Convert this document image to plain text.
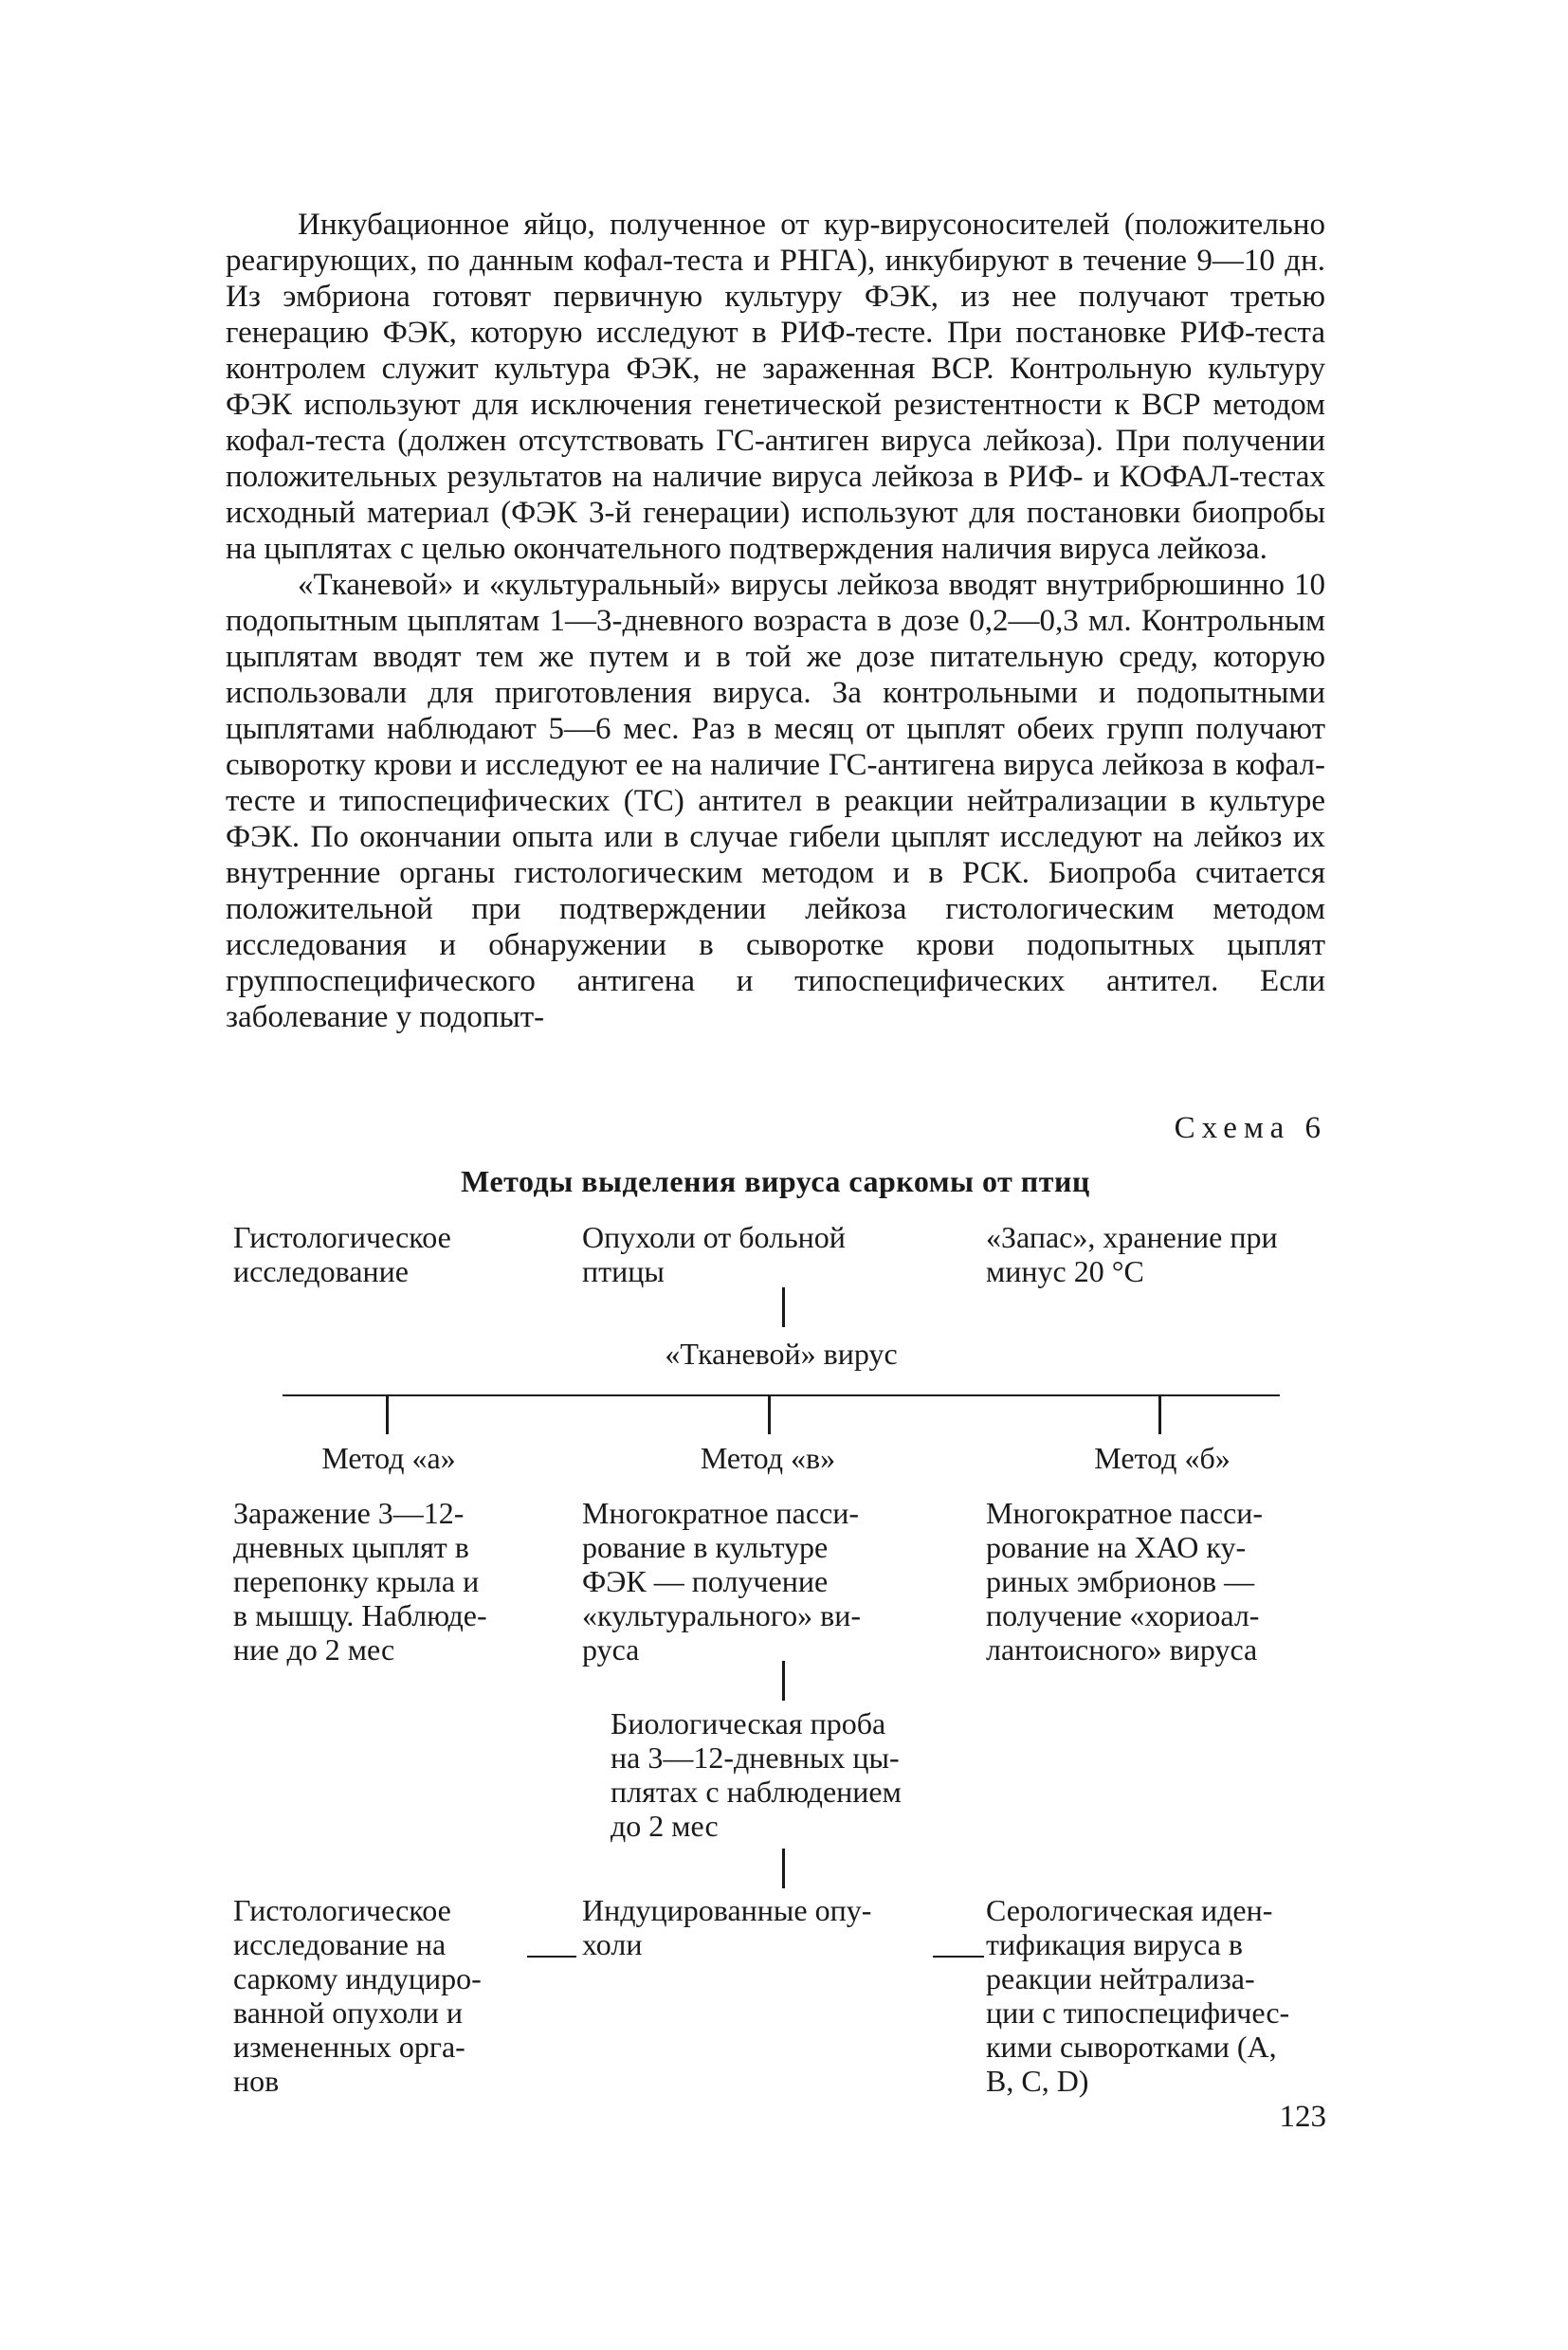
Инкубационное яйцо, полученное от кур-вирусоносителей (положительно реагирующих, по данным кофал-теста и РНГА), инкубируют в течение 9—10 дн. Из эмбриона готовят первичную культуру ФЭК, из нее получают третью генерацию ФЭК, которую исследуют в РИФ-тесте. При постановке РИФ-теста контролем служит культура ФЭК, не зараженная ВСР. Контрольную культуру ФЭК используют для исключения генетической резистентности к ВСР методом кофал-теста (должен отсутствовать ГС-антиген вируса лейкоза). При получении положительных результатов на наличие вируса лейкоза в РИФ- и КОФАЛ-тестах исходный материал (ФЭК 3-й генерации) используют для постановки биопробы на цыплятах с целью окончательного подтверждения наличия вируса лейкоза.

«Тканевой» и «культуральный» вирусы лейкоза вводят внутрибрюшинно 10 подопытным цыплятам 1—3-дневного возраста в дозе 0,2—0,3 мл. Контрольным цыплятам вводят тем же путем и в той же дозе питательную среду, которую использовали для приготовления вируса. За контрольными и подопытными цыплятами наблюдают 5—6 мес. Раз в месяц от цыплят обеих групп получают сыворотку крови и исследуют ее на наличие ГС-антигена вируса лейкоза в кофал-тесте и типоспецифических (ТС) антител в реакции нейтрализации в культуре ФЭК. По окончании опыта или в случае гибели цыплят исследуют на лейкоз их внутренние органы гистологическим методом и в РСК. Биопроба считается положительной при подтверждении лейкоза гистологическим методом исследования и обнаружении в сыворотке крови подопытных цыплят группоспецифического антигена и типоспецифических антител. Если заболевание у подопыт-

Схема 6
Методы выделения вируса саркомы от птиц
Гистологическое
исследование
Опухоли от больной
птицы
«Запас», хранение при
минус 20 °С
«Тканевой» вирус
Метод «а»	Метод «в»	Метод «б»
Заражение 3—12-
дневных цыплят в
перепонку крыла и
в мышцу. Наблюде-
ние до 2 мес
Многократное пасси-
рование в культуре
ФЭК — получение
«культурального» ви-
руса
Многократное пасси-
рование на ХАО ку-
риных эмбрионов —
получение «хориоал-
лантоисного» вируса
Биологическая проба
на 3—12-дневных цы-
плятах с наблюдением
до 2 мес
Гистологическое
исследование на
саркому индуциро-
ванной опухоли и
измененных орга-
нов
Индуцированные опу-
холи
Серологическая иден-
тификация вируса в
реакции нейтрализа-
ции с типоспецифичес-
кими сыворотками (А,
В, С, D)
123
